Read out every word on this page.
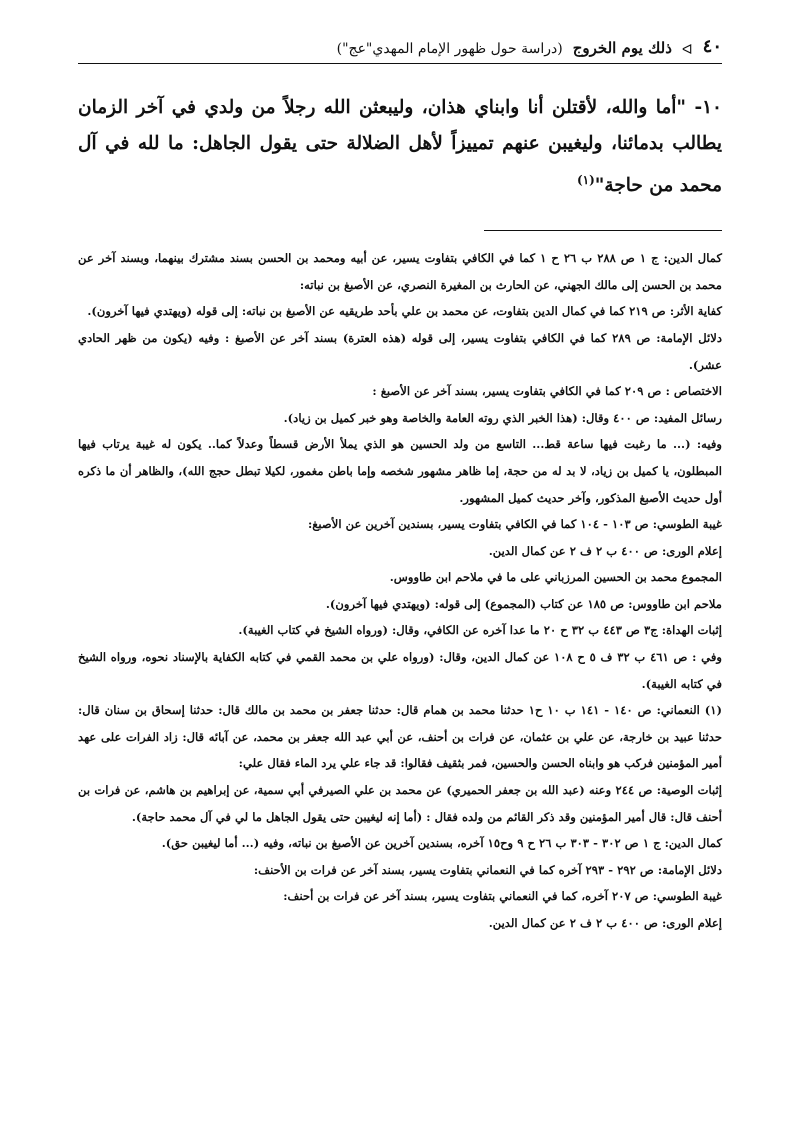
٤٠
ᐊ
ذلك يوم الخروج
(دراسة حول ظهور الإمام المهدي"عج")
١٠- "أما والله، لأقتلن أنا وابناي هذان، وليبعثن الله رجلاً من ولدي في آخر الزمان يطالب بدمائنا، وليغيبن عنهم تمييزاً لأهل الضلالة حتى يقول الجاهل: ما لله في آل محمد من حاجة"$^{(١)}$

كمال الدين: ج ١ ص ٢٨٨ ب ٢٦ ح ١ كما في الكافي بتفاوت يسير، عن أبيه ومحمد بن الحسن بسند مشترك بينهما، وبسند آخر عن محمد بن الحسن إلى مالك الجهني، عن الحارث بن المغيرة النصري، عن الأصبغ بن نباته:

كفاية الأثر: ص ٢١٩ كما في كمال الدين بتفاوت، عن محمد بن علي بأحد طريقيه عن الأصبغ بن نباته: إلى قوله (ويهتدي فيها آخرون).

دلائل الإمامة: ص ٢٨٩ كما في الكافي بتفاوت يسير، إلى قوله (هذه العترة) بسند آخر عن الأصبغ : وفيه (يكون من ظهر الحادي عشر).

الاختصاص : ص ٢٠٩ كما في الكافي بتفاوت يسير، بسند آخر عن الأصبغ :

رسائل المفيد: ص ٤٠٠ وقال: (هذا الخبر الذي روته العامة والخاصة وهو خبر كميل بن زياد).

وفيه: (... ما رغبت فيها ساعة قط... التاسع من ولد الحسين هو الذي يملأ الأرض قسطاً وعدلاً كما.. يكون له غيبة يرتاب فيها المبطلون، يا كميل بن زياد، لا بد له من حجة، إما ظاهر مشهور شخصه وإما باطن مغمور، لكيلا تبطل حجج الله)، والظاهر أن ما ذكره أول حديث الأصبغ المذكور، وآخر حديث كميل المشهور.

غيبة الطوسي: ص ١٠٣ - ١٠٤ كما في الكافي بتفاوت يسير، بسندين آخرين عن الأصبغ:

إعلام الورى: ص ٤٠٠ ب ٢ ف ٢ عن كمال الدين.

المجموع محمد بن الحسين المرزباني على ما في ملاحم ابن طاووس.

ملاحم ابن طاووس: ص ١٨٥ عن كتاب (المجموع) إلى قوله: (ويهتدي فيها آخرون).

إثبات الهداة: ج٣ ص ٤٤٣ ب ٣٢ ح ٢٠ ما عدا آخره عن الكافي، وقال: (ورواه الشيخ في كتاب الغيبة).

وفي : ص ٤٦١ ب ٣٢ ف ٥ ح ١٠٨ عن كمال الدين، وقال: (ورواه علي بن محمد القمي في كتابه الكفاية بالإسناد نحوه، ورواه الشيخ في كتابه الغيبة).

(١) النعماني: ص ١٤٠ - ١٤١ ب ١٠ ح١ حدثنا محمد بن همام قال: حدثنا جعفر بن محمد بن مالك قال: حدثنا إسحاق بن سنان قال: حدثنا عبيد بن خارجة، عن علي بن عثمان، عن فرات بن أحنف، عن أبي عبد الله جعفر بن محمد، عن آبائه قال: زاد الفرات على عهد أمير المؤمنين فركب هو وابناه الحسن والحسين، فمر بثقيف فقالوا: قد جاء علي يرد الماء فقال علي:

إثبات الوصية: ص ٢٤٤ وعنه (عبد الله بن جعفر الحميري) عن محمد بن علي الصيرفي أبي سمية، عن إبراهيم بن هاشم، عن فرات بن أحنف قال: قال أمير المؤمنين وقد ذكر القائم من ولده فقال : (أما إنه ليغيبن حتى يقول الجاهل ما لي في آل محمد حاجة).

كمال الدين: ج ١ ص ٣٠٢ - ٣٠٣ ب ٢٦ ح ٩ وح١٥ آخره، بسندين آخرين عن الأصبغ بن نباته، وفيه (... أما ليغيبن حق).

دلائل الإمامة: ص ٢٩٢ - ٢٩٣ آخره كما في النعماني بتفاوت يسير، بسند آخر عن فرات بن الأحنف:

غيبة الطوسي: ص ٢٠٧ آخره، كما في النعماني بتفاوت يسير، بسند آخر عن فرات بن أحنف:

إعلام الورى: ص ٤٠٠ ب ٢ ف ٢ عن كمال الدين.
